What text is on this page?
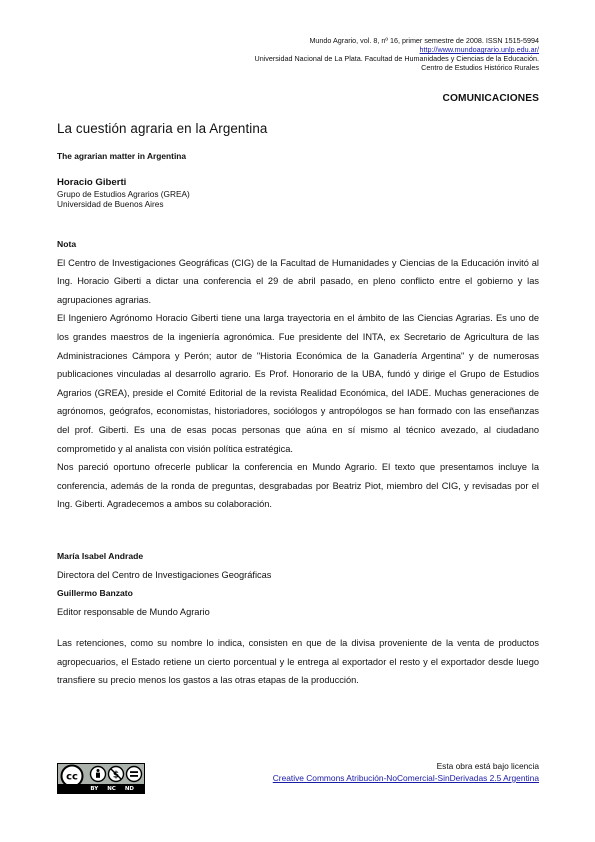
Mundo Agrario, vol. 8, nº 16, primer semestre de 2008. ISSN 1515-5994
http://www.mundoagrario.unlp.edu.ar/
Universidad Nacional de La Plata. Facultad de Humanidades y Ciencias de la Educación.
Centro de Estudios Histórico Rurales
COMUNICACIONES
La cuestión agraria en la Argentina
The agrarian matter in Argentina
Horacio Giberti
Grupo de Estudios Agrarios (GREA)
Universidad de Buenos Aires

Nota

El Centro de Investigaciones Geográficas (CIG) de la Facultad de Humanidades y Ciencias de la Educación invitó al Ing. Horacio Giberti a dictar una conferencia el 29 de abril pasado, en pleno conflicto entre el gobierno y las agrupaciones agrarias.

El Ingeniero Agrónomo Horacio Giberti tiene una larga trayectoria en el ámbito de las Ciencias Agrarias. Es uno de los grandes maestros de la ingeniería agronómica. Fue presidente del INTA, ex Secretario de Agricultura de las Administraciones Cámpora y Perón; autor de "Historia Económica de la Ganadería Argentina" y de numerosas publicaciones vinculadas al desarrollo agrario. Es Prof. Honorario de la UBA, fundó y dirige el Grupo de Estudios Agrarios (GREA), preside el Comité Editorial de la revista Realidad Económica, del IADE. Muchas generaciones de agrónomos, geógrafos, economistas, historiadores, sociólogos y antropólogos se han formado con las enseñanzas del prof. Giberti. Es una de esas pocas personas que aúna en sí mismo al técnico avezado, al ciudadano comprometido y al analista con visión política estratégica.

Nos pareció oportuno ofrecerle publicar la conferencia en Mundo Agrario. El texto que presentamos incluye la conferencia, además de la ronda de preguntas, desgrabadas por Beatriz Piot, miembro del CIG, y revisadas por el Ing. Giberti. Agradecemos a ambos su colaboración.

María Isabel Andrade

Directora del Centro de Investigaciones Geográficas

Guillermo Banzato

Editor responsable de Mundo Agrario

Las retenciones, como su nombre lo indica, consisten en que de la divisa proveniente de la venta de productos agropecuarios, el Estado retiene un cierto porcentual y le entrega al exportador el resto y el exportador desde luego transfiere su precio menos los gastos a las otras etapas de la producción.

cc	$
BY NC ND
Esta obra está bajo licencia
Creative Commons Atribución-NoComercial-SinDerivadas 2.5 Argentina
